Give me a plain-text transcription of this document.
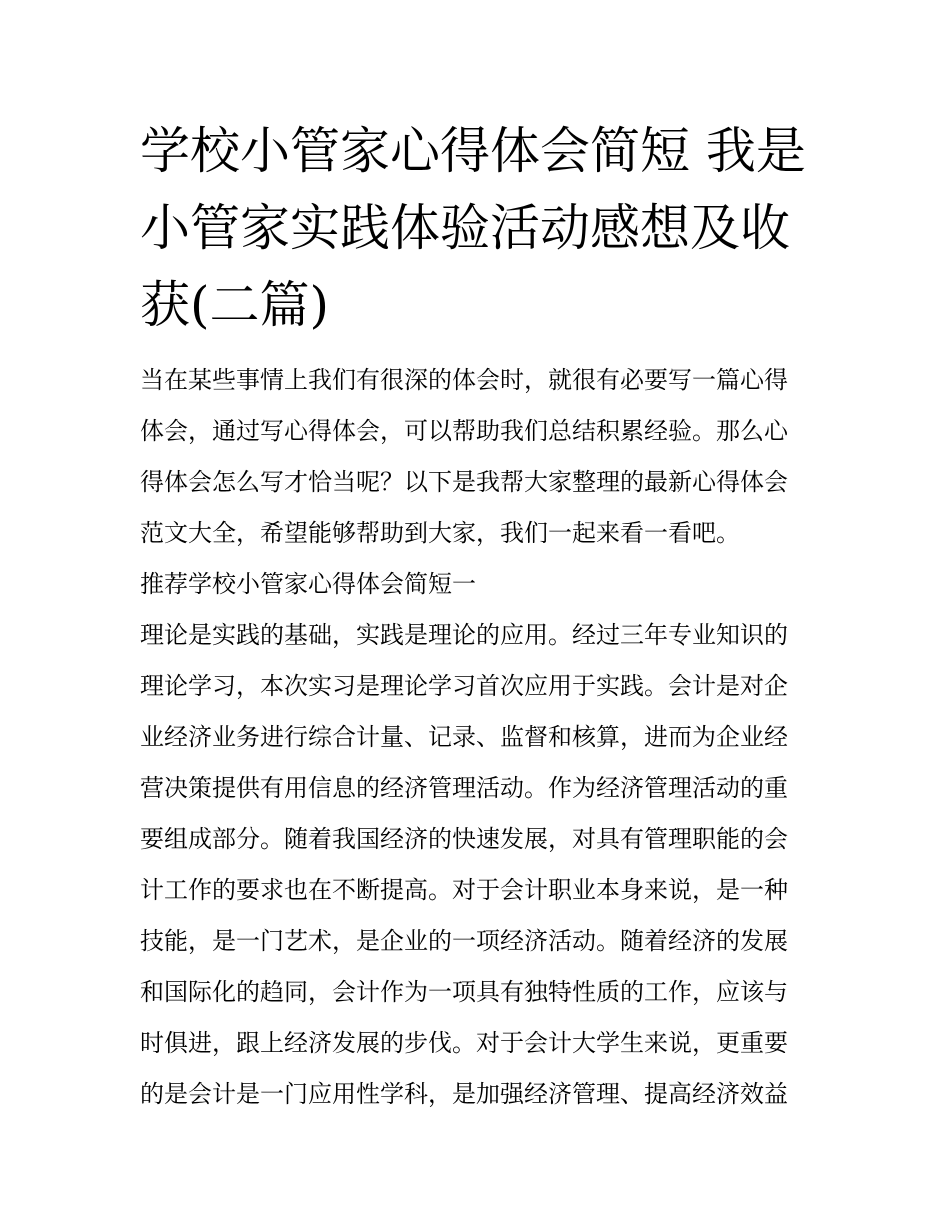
学校小管家心得体会简短 我是
小管家实践体验活动感想及收
获(二篇)
当在某些事情上我们有很深的体会时，就很有必要写一篇心得
体会，通过写心得体会，可以帮助我们总结积累经验。那么心
得体会怎么写才恰当呢？以下是我帮大家整理的最新心得体会
范文大全，希望能够帮助到大家，我们一起来看一看吧。
推荐学校小管家心得体会简短一
理论是实践的基础，实践是理论的应用。经过三年专业知识的
理论学习，本次实习是理论学习首次应用于实践。会计是对企
业经济业务进行综合计量、记录、监督和核算，进而为企业经
营决策提供有用信息的经济管理活动。作为经济管理活动的重
要组成部分。随着我国经济的快速发展，对具有管理职能的会
计工作的要求也在不断提高。对于会计职业本身来说，是一种
技能，是一门艺术，是企业的一项经济活动。随着经济的发展
和国际化的趋同，会计作为一项具有独特性质的工作，应该与
时俱进，跟上经济发展的步伐。对于会计大学生来说，更重要
的是会计是一门应用性学科，是加强经济管理、提高经济效益
